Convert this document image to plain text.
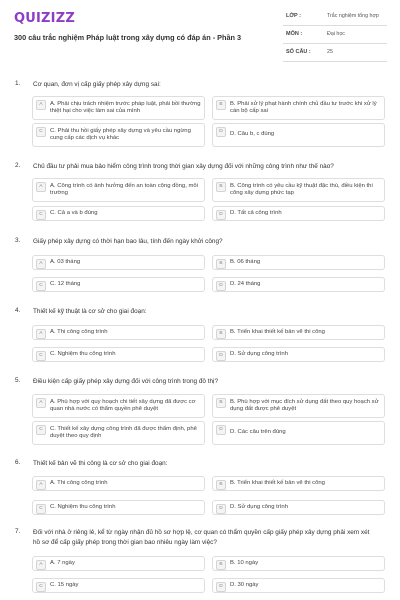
QUIZIZZ
300 câu trắc nghiệm Pháp luật trong xây dựng có đáp án - Phần 3
LỚP :	Trắc nghiệm tổng hợp
MÔN :	Đại học
SỐ CÂU :	25
1. Cơ quan, đơn vị cấp giấy phép xây dựng sai:
A	A. Phải chịu trách nhiệm trước pháp luật, phải bồi thường thiệt hại cho việc làm sai của mình
B	B. Phải xử lý phạt hành chính chủ đầu tư trước khi xử lý cán bộ cấp sai
C	C. Phải thu hồi giấy phép xây dựng và yêu cầu ngừng cung cấp các dịch vụ khác
D	D. Câu b, c đúng
2. Chủ đầu tư phải mua bảo hiểm công trình trong thời gian xây dựng đối với những công trình như thế nào?
A	A. Công trình có ảnh hưởng đến an toàn cộng đồng, môi trường
B	B. Công trình có yêu cầu kỹ thuật đặc thù, điều kiện thi công xây dựng phức tạp
C	C. Cả a và b đúng	D	D. Tất cả công trình
3. Giấy phép xây dựng có thời hạn bao lâu, tính đến ngày khởi công?
A	A. 03 tháng	B	B. 06 tháng
C	C. 12 tháng	D	D. 24 tháng
4. Thiết kế kỹ thuật là cơ sở cho giai đoạn:
A	A. Thi công công trình	B	B. Triển khai thiết kế bản vẽ thi công
C	C. Nghiệm thu công trình	D	D. Sử dụng công trình
5. Điều kiện cấp giấy phép xây dựng đối với công trình trong đô thị?
A	A. Phù hợp với quy hoạch chi tiết xây dựng đã được cơ quan nhà nước có thẩm quyền phê duyệt
B	B. Phù hợp với mục đích sử dụng đất theo quy hoạch sử dụng đất được phê duyệt
C	C. Thiết kế xây dựng công trình đã được thẩm định, phê duyệt theo quy định
D	D. Các câu trên đúng
6. Thiết kế bản vẽ thi công là cơ sở cho giai đoạn:
A	A. Thi công công trình	B	B. Triển khai thiết kế bản vẽ thi công
C	C. Nghiệm thu công trình	D	D. Sử dụng công trình
7. Đối với nhà ở riêng lẻ, kể từ ngày nhận đủ hồ sơ hợp lệ, cơ quan có thẩm quyền cấp giấy phép xây dựng phải xem xét hồ sơ để cấp giấy phép trong thời gian bao nhiêu ngày làm việc?
A	A. 7 ngày	B	B. 10 ngày
C	C. 15 ngày	D	D. 30 ngày
